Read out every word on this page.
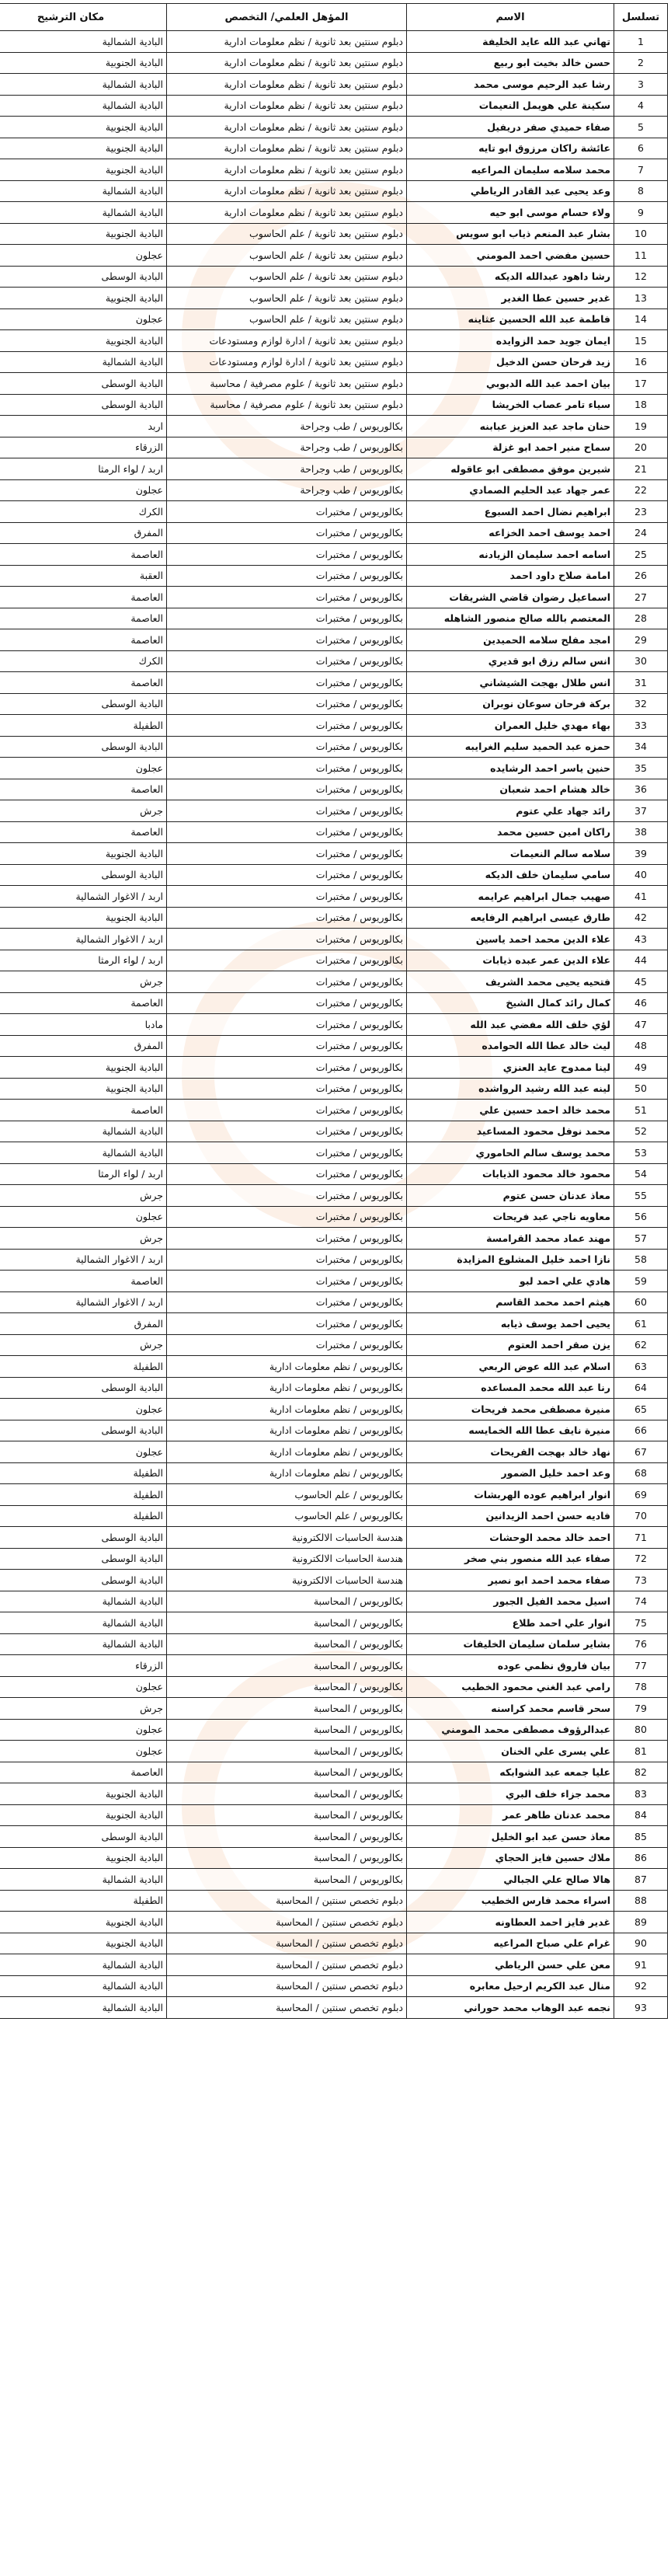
تسلسل	الاسم	المؤهل العلمي/ التخصص	مكان الترشيح
1	تهاني عبد الله عايد الخليفة	دبلوم سنتين بعد ثانوية / نظم معلومات ادارية	البادية الشمالية
2	حسن خالد بخيت ابو ربيع	دبلوم سنتين بعد ثانوية / نظم معلومات ادارية	البادية الجنوبية
3	رشا عبد الرحيم موسى محمد	دبلوم سنتين بعد ثانوية / نظم معلومات ادارية	البادية الشمالية
4	سكينة علي هويمل النعيمات	دبلوم سنتين بعد ثانوية / نظم معلومات ادارية	البادية الشمالية
5	صفاء حميدي صفر دريفيل	دبلوم سنتين بعد ثانوية / نظم معلومات ادارية	البادية الجنوبية
6	عائشة راكان مرزوق ابو تايه	دبلوم سنتين بعد ثانوية / نظم معلومات ادارية	البادية الجنوبية
7	محمد سلامه سليمان المراعيه	دبلوم سنتين بعد ثانوية / نظم معلومات ادارية	البادية الجنوبية
8	وعد يحيى عبد القادر الرياطي	دبلوم سنتين بعد ثانوية / نظم معلومات ادارية	البادية الشمالية
9	ولاء حسام موسى ابو حيه	دبلوم سنتين بعد ثانوية / نظم معلومات ادارية	البادية الشمالية
10	بشار عبد المنعم ذياب ابو سويس	دبلوم سنتين بعد ثانوية / علم الحاسوب	البادية الجنوبية
11	حسين مفضي احمد المومني	دبلوم سنتين بعد ثانوية / علم الحاسوب	عجلون
12	رشا داهود عبدالله الديكه	دبلوم سنتين بعد ثانوية / علم الحاسوب	البادية الوسطى
13	غدير حسين عطا الغدير	دبلوم سنتين بعد ثانوية / علم الحاسوب	البادية الجنوبية
14	فاطمة عبد الله الحسين عثاينه	دبلوم سنتين بعد ثانوية / علم الحاسوب	عجلون
15	ايمان جويد حمد الزوايده	دبلوم سنتين بعد ثانوية / ادارة لوازم ومستودعات	البادية الجنوبية
16	زيد فرحان حسن الدخيل	دبلوم سنتين بعد ثانوية / ادارة لوازم ومستودعات	البادية الشمالية
17	بيان احمد عبد الله الدبوبي	دبلوم سنتين بعد ثانوية / علوم مصرفية / محاسبة	البادية الوسطى
18	سياء تامر عصاب الخريشا	دبلوم سنتين بعد ثانوية / علوم مصرفية / محاسبة	البادية الوسطى
19	حنان ماجد عبد العزيز عبابنه	بكالوريوس / طب وجراحة	اربد
20	سماح منير احمد ابو غزلة	بكالوريوس / طب وجراحة	الزرقاء
21	شيرين موفق مصطفى ابو عاقوله	بكالوريوس / طب وجراحة	اربد / لواء الرمثا
22	عمر جهاد عبد الحليم الصمادي	بكالوريوس / طب وجراحة	عجلون
23	ابراهيم نضال احمد السبوع	بكالوريوس / مختبرات	الكرك
24	احمد يوسف احمد الخزاعه	بكالوريوس / مختبرات	المفرق
25	اسامه احمد سليمان الزيادنه	بكالوريوس / مختبرات	العاصمة
26	امامة صلاح داود احمد	بكالوريوس / مختبرات	العقبة
27	اسماعيل رضوان قاضي الشريقات	بكالوريوس / مختبرات	العاصمة
28	المعتصم بالله صالح منصور الشاهله	بكالوريوس / مختبرات	العاصمة
29	امجد مفلح سلامه الحميدين	بكالوريوس / مختبرات	العاصمة
30	انس سالم رزق ابو قديري	بكالوريوس / مختبرات	الكرك
31	انس طلال بهجت الشيشاني	بكالوريوس / مختبرات	العاصمة
32	بركة فرحان سوعان نوبران	بكالوريوس / مختبرات	البادية الوسطى
33	بهاء مهدي خليل العمران	بكالوريوس / مختبرات	الطفيلة
34	حمزه عبد الحميد سليم الغرايبه	بكالوريوس / مختبرات	البادية الوسطى
35	حنين ياسر احمد الرشايده	بكالوريوس / مختبرات	عجلون
36	خالد هشام احمد شعبان	بكالوريوس / مختبرات	العاصمة
37	رائد جهاد علي عتوم	بكالوريوس / مختبرات	جرش
38	راكان امين حسين محمد	بكالوريوس / مختبرات	العاصمة
39	سلامه سالم النعيمات	بكالوريوس / مختبرات	البادية الجنوبية
40	سامي سليمان خلف الديكه	بكالوريوس / مختبرات	البادية الوسطى
41	صهيب جمال ابراهيم عرايمه	بكالوريوس / مختبرات	اربد / الاغوار الشمالية
42	طارق عيسى ابراهيم الرفايعه	بكالوريوس / مختبرات	البادية الجنوبية
43	علاء الدين محمد احمد ياسين	بكالوريوس / مختبرات	اربد / الاغوار الشمالية
44	علاء الدين عمر عبده ذيابات	بكالوريوس / مختبرات	اربد / لواء الرمثا
45	فتحيه يحيى محمد الشريف	بكالوريوس / مختبرات	جرش
46	كمال رائد كمال الشيخ	بكالوريوس / مختبرات	العاصمة
47	لؤي خلف الله مفضي عبد الله	بكالوريوس / مختبرات	مادبا
48	ليث خالد عطا الله الحوامده	بكالوريوس / مختبرات	المفرق
49	لينا ممدوح عايد العنزي	بكالوريوس / مختبرات	البادية الجنوبية
50	لينه عبد الله رشيد الرواشده	بكالوريوس / مختبرات	البادية الجنوبية
51	محمد خالد احمد حسين علي	بكالوريوس / مختبرات	العاصمة
52	محمد نوفل محمود المساعيد	بكالوريوس / مختبرات	البادية الشمالية
53	محمد يوسف سالم الحاموري	بكالوريوس / مختبرات	البادية الشمالية
54	محمود خالد محمود الذيابات	بكالوريوس / مختبرات	اربد / لواء الرمثا
55	معاذ عدنان حسن عتوم	بكالوريوس / مختبرات	جرش
56	معاويه ناجي عبد فريحات	بكالوريوس / مختبرات	عجلون
57	مهند عماد محمد القرامسة	بكالوريوس / مختبرات	جرش
58	نازا احمد خليل المشلوع المزايدة	بكالوريوس / مختبرات	اربد / الاغوار الشمالية
59	هادي علي احمد لبو	بكالوريوس / مختبرات	العاصمة
60	هيثم احمد محمد القاسم	بكالوريوس / مختبرات	اربد / الاغوار الشمالية
61	يحيى احمد يوسف ذيابه	بكالوريوس / مختبرات	المفرق
62	يزن صقر احمد العتوم	بكالوريوس / مختبرات	جرش
63	اسلام عبد الله عوض الربعي	بكالوريوس / نظم معلومات ادارية	الطفيلة
64	رنا عبد الله محمد المساعده	بكالوريوس / نظم معلومات ادارية	البادية الوسطى
65	منيرة مصطفى محمد فريحات	بكالوريوس / نظم معلومات ادارية	عجلون
66	منيرة نايف عطا الله الخمايسه	بكالوريوس / نظم معلومات ادارية	البادية الوسطى
67	نهاد خالد بهجت الفريحات	بكالوريوس / نظم معلومات ادارية	عجلون
68	وعد احمد خليل الضمور	بكالوريوس / نظم معلومات ادارية	الطفيلة
69	انوار ابراهيم عوده الهربشات	بكالوريوس / علم الحاسوب	الطفيلة
70	فاديه حسن احمد الزيدانين	بكالوريوس / علم الحاسوب	الطفيلة
71	احمد خالد محمد الوحشات	هندسة الحاسبات الالكترونية	البادية الوسطى
72	صفاء عبد الله منصور بني صخر	هندسة الحاسبات الالكترونية	البادية الوسطى
73	صفاء محمد احمد ابو نصير	هندسة الحاسبات الالكترونية	البادية الوسطى
74	اسيل محمد الفيل الجبور	بكالوريوس / المحاسبة	البادية الشمالية
75	انوار علي احمد طلاع	بكالوريوس / المحاسبة	البادية الشمالية
76	بشاير سلمان سليمان الخليفات	بكالوريوس / المحاسبة	البادية الشمالية
77	بيان فاروق نظمي عوده	بكالوريوس / المحاسبة	الزرقاء
78	رامي عبد الغني محمود الخطيب	بكالوريوس / المحاسبة	عجلون
79	سحر قاسم محمد كراسنه	بكالوريوس / المحاسبة	جرش
80	عبدالرؤوف مصطفى محمد المومني	بكالوريوس / المحاسبة	عجلون
81	علي يسرى علي الخنان	بكالوريوس / المحاسبة	عجلون
82	عليا جمعه عبد الشوابكه	بكالوريوس / المحاسبة	العاصمة
83	محمد جزاء خلف البري	بكالوريوس / المحاسبة	البادية الجنوبية
84	محمد عدنان طاهر عمر	بكالوريوس / المحاسبة	البادية الجنوبية
85	معاذ حسن عبد ابو الخليل	بكالوريوس / المحاسبة	البادية الوسطى
86	ملاك حسين فايز الحجاي	بكالوريوس / المحاسبة	البادية الجنوبية
87	هالا صالح علي الجبالي	بكالوريوس / المحاسبة	البادية الشمالية
88	اسراء محمد فارس الخطيب	دبلوم تخصص سنتين / المحاسبة	الطفيلة
89	غدير فايز احمد العطاونه	دبلوم تخصص سنتين / المحاسبة	البادية الجنوبية
90	غرام علي صباح المراعيه	دبلوم تخصص سنتين / المحاسبة	البادية الجنوبية
91	معن علي حسن الرياطي	دبلوم تخصص سنتين / المحاسبة	البادية الشمالية
92	منال عبد الكريم ارحيل معابره	دبلوم تخصص سنتين / المحاسبة	البادية الشمالية
93	نجمه عبد الوهاب محمد حوراني	دبلوم تخصص سنتين / المحاسبة	البادية الشمالية
